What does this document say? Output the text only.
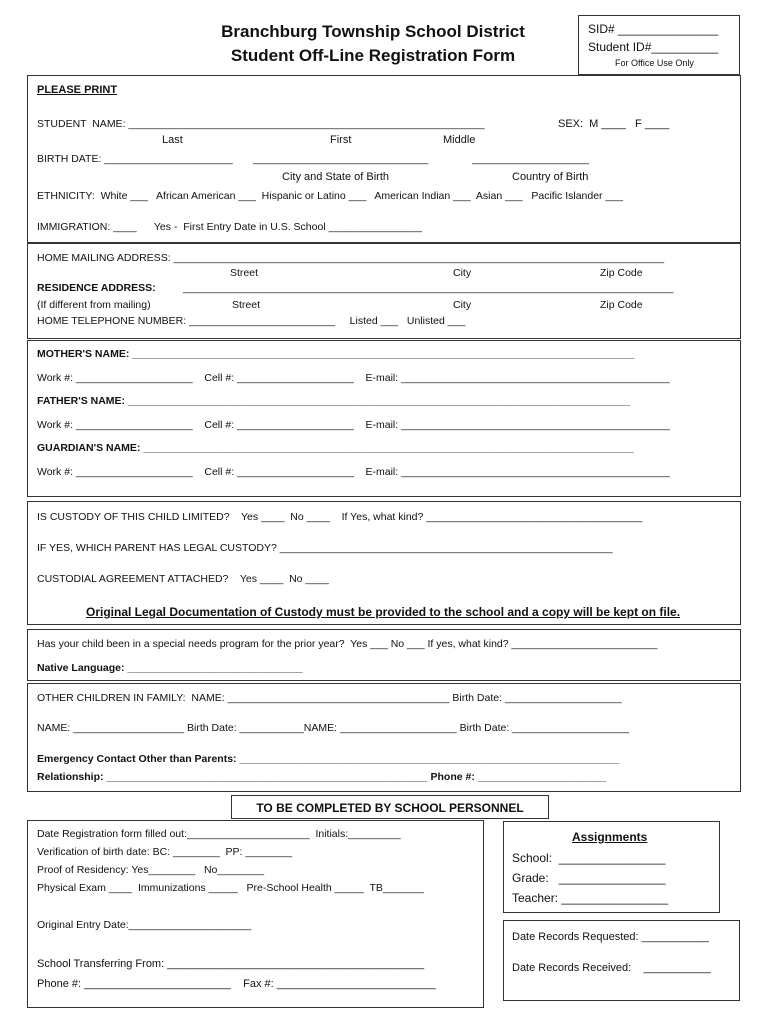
Branchburg Township School District
Student Off-Line Registration Form
SID# _______________
Student ID#__________
For Office Use Only
PLEASE PRINT
STUDENT  NAME: _____________________________________________________________	SEX:  M ____   F ____
Last	First	Middle
BIRTH DATE: ______________________       ______________________________               ____________________
City and State of Birth	Country of Birth
ETHNICITY:  White ___   African American ___  Hispanic or Latino ___   American Indian ___  Asian ___   Pacific Islander ___
IMMIGRATION: ____      Yes -  First Entry Date in U.S. School ________________
HOME MAILING ADDRESS: ____________________________________________________________________________________
Street	City	Zip Code
RESIDENCE ADDRESS:	____________________________________________________________________________________
(If different from mailing)	Street	City	Zip Code
HOME TELEPHONE NUMBER: _________________________     Listed ___   Unlisted ___
MOTHER'S NAME: ______________________________________________________________________________________
Work #: ____________________    Cell #: ____________________    E-mail: ______________________________________________
FATHER'S NAME: ______________________________________________________________________________________
Work #: ____________________    Cell #: ____________________    E-mail: ______________________________________________
GUARDIAN'S NAME: ____________________________________________________________________________________
Work #: ____________________    Cell #: ____________________    E-mail: ______________________________________________
IS CUSTODY OF THIS CHILD LIMITED?    Yes ____  No ____    If Yes, what kind? _____________________________________
IF YES, WHICH PARENT HAS LEGAL CUSTODY? _________________________________________________________
CUSTODIAL AGREEMENT ATTACHED?    Yes ____  No ____
Original Legal Documentation of Custody must be provided to the school and a copy will be kept on file.
Has your child been in a special needs program for the prior year?  Yes ___ No ___ If yes, what kind? _________________________
Native Language: ______________________________
OTHER CHILDREN IN FAMILY:  NAME: ______________________________________ Birth Date: ____________________
NAME: ___________________ Birth Date: ___________NAME: ____________________ Birth Date: ____________________
Emergency Contact Other than Parents: _________________________________________________________________
Relationship: _______________________________________________________ Phone #: ______________________
TO BE COMPLETED BY SCHOOL PERSONNEL
Date Registration form filled out:_____________________  Initials:_________
Verification of birth date: BC: ________  PP: ________
Proof of Residency: Yes________   No________
Physical Exam ____  Immunizations _____   Pre-School Health _____  TB_______
Original Entry Date:_____________________
School Transferring From: __________________________________________
Phone #: ________________________    Fax #: __________________________
Assignments
School:  ________________
Grade:   ________________
Teacher: ________________
Date Records Requested: ___________
Date Records Received:    ___________
